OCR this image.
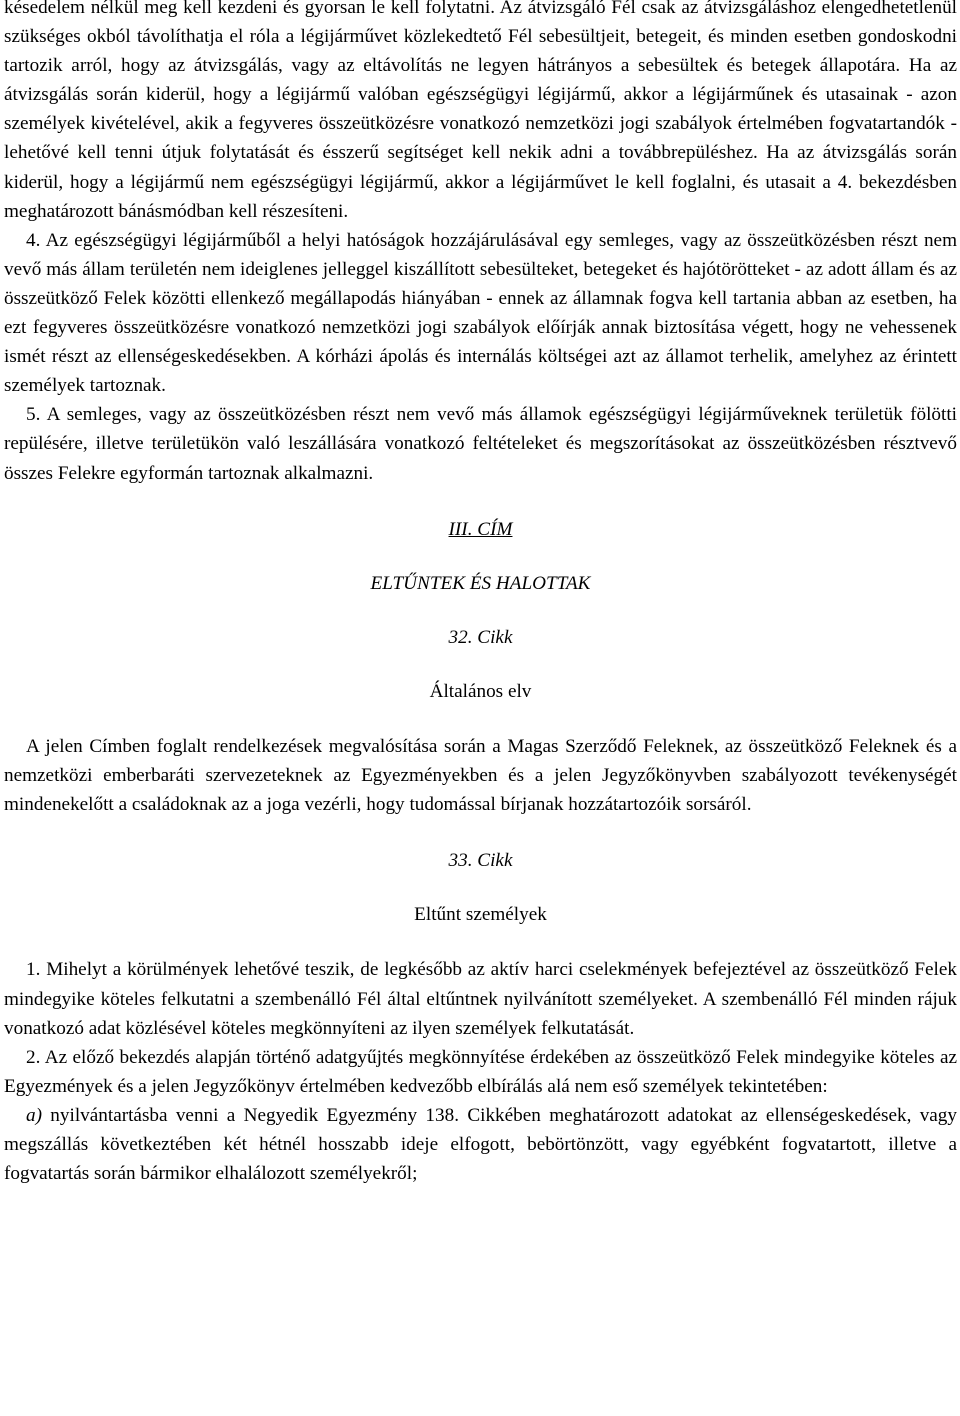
késedelem nélkül meg kell kezdeni és gyorsan le kell folytatni. Az átvizsgáló Fél csak az átvizsgáláshoz elengedhetetlenül szükséges okból távolíthatja el róla a légijárművet közlekedtető Fél sebesültjeit, betegeit, és minden esetben gondoskodni tartozik arról, hogy az átvizsgálás, vagy az eltávolítás ne legyen hátrányos a sebesültek és betegek állapotára. Ha az átvizsgálás során kiderül, hogy a légijármű valóban egészségügyi légijármű, akkor a légijárműnek és utasainak - azon személyek kivételével, akik a fegyveres összeütközésre vonatkozó nemzetközi jogi szabályok értelmében fogvatartandók - lehetővé kell tenni útjuk folytatását és ésszerű segítséget kell nekik adni a továbbrepüléshez. Ha az átvizsgálás során kiderül, hogy a légijármű nem egészségügyi légijármű, akkor a légijárművet le kell foglalni, és utasait a 4. bekezdésben meghatározott bánásmódban kell részesíteni.

4. Az egészségügyi légijárműből a helyi hatóságok hozzájárulásával egy semleges, vagy az összeütközésben részt nem vevő más állam területén nem ideiglenes jelleggel kiszállított sebesülteket, betegeket és hajótörötteket - az adott állam és az összeütköző Felek közötti ellenkező megállapodás hiányában - ennek az államnak fogva kell tartania abban az esetben, ha ezt fegyveres összeütközésre vonatkozó nemzetközi jogi szabályok előírják annak biztosítása végett, hogy ne vehessenek ismét részt az ellenségeskedésekben. A kórházi ápolás és internálás költségei azt az államot terhelik, amelyhez az érintett személyek tartoznak.

5. A semleges, vagy az összeütközésben részt nem vevő más államok egészségügyi légijárműveknek területük fölötti repülésére, illetve területükön való leszállására vonatkozó feltételeket és megszorításokat az összeütközésben résztvevő összes Felekre egyformán tartoznak alkalmazni.

III. CÍM

ELTŰNTEK ÉS HALOTTAK

32. Cikk

Általános elv

A jelen Címben foglalt rendelkezések megvalósítása során a Magas Szerződő Feleknek, az összeütköző Feleknek és a nemzetközi emberbaráti szervezeteknek az Egyezményekben és a jelen Jegyzőkönyvben szabályozott tevékenységét mindenekelőtt a családoknak az a joga vezérli, hogy tudomással bírjanak hozzátartozóik sorsáról.

33. Cikk

Eltűnt személyek

1. Mihelyt a körülmények lehetővé teszik, de legkésőbb az aktív harci cselekmények befejeztével az összeütköző Felek mindegyike köteles felkutatni a szembenálló Fél által eltűntnek nyilvánított személyeket. A szembenálló Fél minden rájuk vonatkozó adat közlésével köteles megkönnyíteni az ilyen személyek felkutatását.

2. Az előző bekezdés alapján történő adatgyűjtés megkönnyítése érdekében az összeütköző Felek mindegyike köteles az Egyezmények és a jelen Jegyzőkönyv értelmében kedvezőbb elbírálás alá nem eső személyek tekintetében:

a) nyilvántartásba venni a Negyedik Egyezmény 138. Cikkében meghatározott adatokat az ellenségeskedések, vagy megszállás következtében két hétnél hosszabb ideje elfogott, bebörtönzött, vagy egyébként fogvatartott, illetve a fogvatartás során bármikor elhalálozott személyekről;
